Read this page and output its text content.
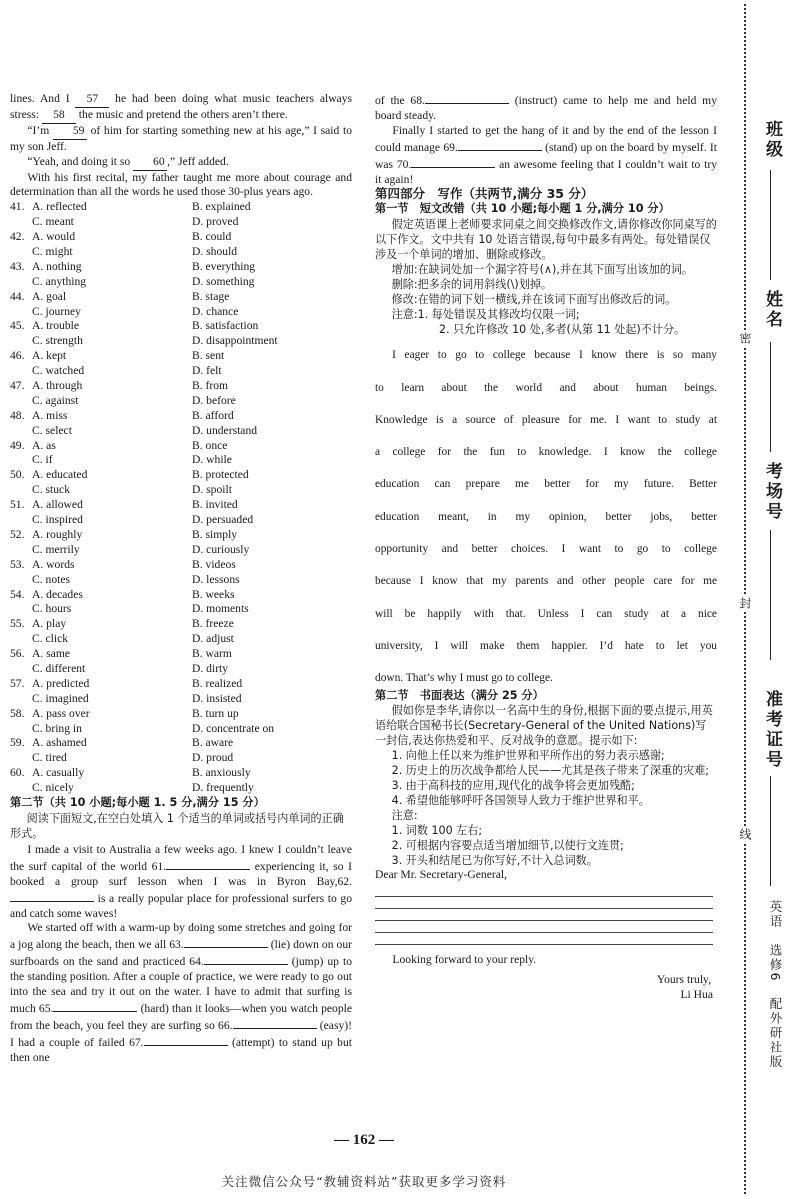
lines. And I 57 he had been doing what music teachers always stress: 58 the music and pretend the others aren’t there.

“I’m 59 of him for starting something new at his age,” I said to my son Jeff.

“Yeah, and doing it so 60 ,” Jeff added.

With his first recital, my father taught me more about courage and determination than all the words he used those 30-plus years ago.

41. A. reflected	B. explained
C. meant	D. proved
42. A. would	B. could
C. might	D. should
43. A. nothing	B. everything
C. anything	D. something
44. A. goal	B. stage
C. journey	D. chance
45. A. trouble	B. satisfaction
C. strength	D. disappointment
46. A. kept	B. sent
C. watched	D. felt
47. A. through	B. from
C. against	D. before
48. A. miss	B. afford
C. select	D. understand
49. A. as	B. once
C. if	D. while
50. A. educated	B. protected
C. stuck	D. spoilt
51. A. allowed	B. invited
C. inspired	D. persuaded
52. A. roughly	B. simply
C. merrily	D. curiously
53. A. words	B. videos
C. notes	D. lessons
54. A. decades	B. weeks
C. hours	D. moments
55. A. play	B. freeze
C. click	D. adjust
56. A. same	B. warm
C. different	D. dirty
57. A. predicted	B. realized
C. imagined	D. insisted
58. A. pass over	B. turn up
C. bring in	D. concentrate on
59. A. ashamed	B. aware
C. tired	D. proud
60. A. casually	B. anxiously
C. nicely	D. frequently

第二节（共 10 小题;每小题 1. 5 分,满分 15 分）

阅读下面短文,在空白处填入 1 个适当的单词或括号内单词的正确形式。

I made a visit to Australia a few weeks ago. I knew I couldn’t leave the surf capital of the world 61.	experiencing it, so I booked a group surf lesson when I was in Byron Bay,62. is a really popular place for professional surfers to go and catch some waves!

We started off with a warm-up by doing some stretches and going for a jog along the beach, then we all 63.	(lie) down on our surfboards on the sand and practiced 64.	(jump) up to the standing position. After a couple of practice, we were ready to go out into the sea and try it out on the water. I have to admit that surfing is much 65.	(hard) than it looks—when you watch people from the beach, you feel they are surfing so 66.	(easy)! I had a couple of failed 67.	(attempt) to stand up but then one

of the 68.	(instruct) came to help me and held my board steady.

Finally I started to get the hang of it and by the end of the lesson I could manage 69.	(stand) up on the board by myself. It was 70.	an awesome feeling that I couldn’t wait to try it again!

第四部分　写作（共两节,满分 35 分）

第一节　短文改错（共 10 小题;每小题 1 分,满分 10 分）

假定英语课上老师要求同桌之间交换修改作文,请你修改你同桌写的以下作文。文中共有 10 处语言错误,每句中最多有两处。每处错误仅涉及一个单词的增加、删除或修改。

增加:在缺词处加一个漏字符号(∧),并在其下面写出该加的词。

删除:把多余的词用斜线(\)划掉。

修改:在错的词下划一横线,并在该词下面写出修改后的词。

注意:1. 每处错误及其修改均仅限一词;

2. 只允许修改 10 处,多者(从第 11 处起)不计分。

I eager to go to college because I know there is so many

to learn about the world and about human beings.

Knowledge is a source of pleasure for me. I want to study at

a college for the fun to knowledge. I know the college

education can prepare me better for my future. Better

education meant, in my opinion, better jobs, better

opportunity and better choices. I want to go to college

because I know that my parents and other people care for me

will be happily with that. Unless I can study at a nice

university, I will make them happier. I’d hate to let you

down. That’s why I must go to college.

第二节　书面表达（满分 25 分）

假如你是李华,请你以一名高中生的身份,根据下面的要点提示,用英语给联合国秘书长(Secretary-General of the United Nations)写一封信,表达你热爱和平、反对战争的意愿。提示如下:

1. 向他上任以来为维护世界和平所作出的努力表示感谢;

2. 历史上的历次战争都给人民——尤其是孩子带来了深重的灾难;

3. 由于高科技的应用,现代化的战争将会更加残酷;

4. 希望他能够呼吁各国领导人致力于维护世界和平。

注意:

1. 词数 100 左右;

2. 可根据内容要点适当增加细节,以使行文连贯;

3. 开头和结尾已为你写好,不计入总词数。

Dear Mr. Secretary-General,

Looking forward to your reply.

Yours truly,

Li Hua

— 162 —
关注微信公众号“教辅资料站”获取更多学习资料
班级
姓名
考场号
准考证号
密
封
线
英语　选修6　配外研社版
